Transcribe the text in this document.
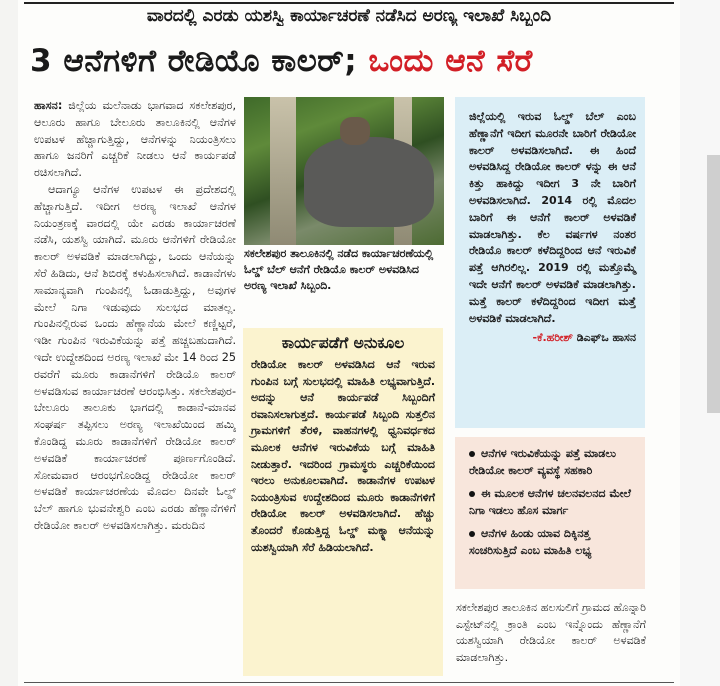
ವಾರದಲ್ಲಿ ಎರಡು ಯಶಸ್ವಿ ಕಾರ್ಯಾಚರಣೆ ನಡೆಸಿದ ಅರಣ್ಯ ಇಲಾಖೆ ಸಿಬ್ಬಂದಿ
3 ಆನೆಗಳಿಗೆ ರೇಡಿಯೊ ಕಾಲರ್; ಒಂದು ಆನೆ ಸೆರೆ

ಹಾಸನ: ಜಿಲ್ಲೆಯ ಮಲೆನಾಡು ಭಾಗವಾದ ಸಕಲೇಶಪುರ, ಆಲೂರು ಹಾಗೂ ಬೇಲೂರು ತಾಲೂಕಿನಲ್ಲಿ ಆನೆಗಳ ಉಪಟಳ ಹೆಚ್ಚಾಗುತ್ತಿದ್ದು, ಆನೆಗಳನ್ನು ನಿಯಂತ್ರಿಸಲು ಹಾಗೂ ಜನರಿಗೆ ಎಚ್ಚರಿಕೆ ನೀಡಲು ಆನೆ ಕಾರ್ಯಪಡೆ ರಚಿಸಲಾಗಿದೆ.

ಆದಾಗ್ಯೂ ಆನೆಗಳ ಉಪಟಳ ಈ ಪ್ರದೇಶದಲ್ಲಿ ಹೆಚ್ಚಾಗುತ್ತಿದೆ. ಇದೀಗ ಅರಣ್ಯ ಇಲಾಖೆ ಆನೆಗಳ ನಿಯಂತ್ರಣಕ್ಕೆ ವಾರದಲ್ಲಿ ಯೇ ಎರಡು ಕಾರ್ಯಾಚರಣೆ ನಡೆಸಿ, ಯಶಸ್ವಿ ಯಾಗಿದೆ. ಮೂರು ಆನೆಗಳಿಗೆ ರೇಡಿಯೋ ಕಾಲರ್ ಅಳವಡಿಕೆ ಮಾಡಲಾಗಿದ್ದು, ಒಂದು ಆನೆಯನ್ನು ಸೆರೆ ಹಿಡಿದು, ಆನೆ ಶಿಬಿರಕ್ಕೆ ಕಳುಹಿಸಲಾಗಿದೆ. ಕಾಡಾನೆಗಳು ಸಾಮಾನ್ಯವಾಗಿ ಗುಂಪಿನಲ್ಲಿ ಓಡಾಡುತ್ತಿದ್ದು, ಅವುಗಳ ಮೇಲೆ ನಿಗಾ ಇಡುವುದು ಸುಲಭದ ಮಾತಲ್ಲ. ಗುಂಪಿನಲ್ಲಿರುವ ಒಂದು ಹೆಣ್ಣಾನೆಯ ಮೇಲೆ ಕಣ್ಣಿಟ್ಟರೆ, ಇಡೀ ಗುಂಪಿನ ಇರುವಿಕೆಯನ್ನು ಪತ್ತೆ ಹಚ್ಚಬಹುದಾಗಿದೆ. ಇದೇ ಉದ್ದೇಶದಿಂದ ಅರಣ್ಯ ಇಲಾಖೆ ಮೇ 14 ರಿಂದ 25 ರವರೆಗೆ ಮೂರು ಕಾಡಾನೆಗಳಿಗೆ ರೇಡಿಯೊ ಕಾಲರ್ ಅಳವಡಿಸುವ ಕಾರ್ಯಾಚರಣೆ ಆರಂಭಿಸಿತ್ತು. ಸಕಲೇಶಪುರ-ಬೇಲೂರು ತಾಲೂಕು ಭಾಗದಲ್ಲಿ ಕಾಡಾನೆ-ಮಾನವ ಸಂಘರ್ಷ ತಪ್ಪಿಸಲು ಅರಣ್ಯ ಇಲಾಖೆಯಿಂದ ಹಮ್ಮಿ ಕೊಂಡಿದ್ದ ಮೂರು ಕಾಡಾನೆಗಳಿಗೆ ರೇಡಿಯೋ ಕಾಲರ್ ಅಳವಡಿಕೆ ಕಾರ್ಯಾಚರಣೆ ಪೂರ್ಣಗೊಂಡಿದೆ. ಸೋಮವಾರ ಆರಂಭಗೊಂಡಿದ್ದ ರೇಡಿಯೋ ಕಾಲರ್ ಅಳವಡಿಕೆ ಕಾರ್ಯಾಚರಣೆಯ ಮೊದಲ ದಿನವೇ ಓಲ್ಡ್ ಬೆಲ್ ಹಾಗೂ ಭುವನೇಶ್ವರಿ ಎಂಬ ಎರಡು ಹೆಣ್ಣಾನೆಗಳಿಗೆ ರೇಡಿಯೋ ಕಾಲರ್ ಅಳವಡಿಸಲಾಗಿತ್ತು. ಮರುದಿನ

ಸಕಲೇಶಪುರ ತಾಲೂಕಿನಲ್ಲಿ ನಡೆದ ಕಾರ್ಯಾಚರಣೆಯಲ್ಲಿ ಓಲ್ಡ್ ಬೆಲ್ ಆನೆಗೆ ರೇಡಿಯೊ ಕಾಲರ್ ಅಳವಡಿಸಿದ ಅರಣ್ಯ ಇಲಾಖೆ ಸಿಬ್ಬಂದಿ.
ಕಾರ್ಯಪಡೆಗೆ ಅನುಕೂಲ
ರೇಡಿಯೋ ಕಾಲರ್ ಅಳವಡಿಸಿದ ಆನೆ ಇರುವ ಗುಂಪಿನ ಬಗ್ಗೆ ಸುಲಭದಲ್ಲಿ ಮಾಹಿತಿ ಲಭ್ಯವಾಗುತ್ತಿದೆ. ಅದನ್ನು ಆನೆ ಕಾರ್ಯಪಡೆ ಸಿಬ್ಬಂದಿಗೆ ರವಾನಿಸಲಾಗುತ್ತದೆ. ಕಾರ್ಯಪಡೆ ಸಿಬ್ಬಂದಿ ಸುತ್ತಲಿನ ಗ್ರಾಮಗಳಿಗೆ ತೆರಳಿ, ವಾಹನಗಳಲ್ಲಿ ಧ್ವನಿವರ್ಧಕದ ಮೂಲಕ ಆನೆಗಳ ಇರುವಿಕೆಯ ಬಗ್ಗೆ ಮಾಹಿತಿ ನೀಡುತ್ತಾರೆ. ಇದರಿಂದ ಗ್ರಾಮಸ್ಥರು ಎಚ್ಚರಿಕೆಯಿಂದ ಇರಲು ಅನುಕೂಲವಾಗಿದೆ. ಕಾಡಾನೆಗಳ ಉಪಟಳ ನಿಯಂತ್ರಿಸುವ ಉದ್ದೇಶದಿಂದ ಮೂರು ಕಾಡಾನೆಗಳಿಗೆ ರೇಡಿಯೋ ಕಾಲರ್ ಅಳವಡಿಸಲಾಗಿದೆ. ಹೆಚ್ಚು ತೊಂದರೆ ಕೊಡುತ್ತಿದ್ದ ಓಲ್ಡ್ ಮಕ್ಕ್ನಾ ಆನೆಯನ್ನು ಯಶಸ್ವಿಯಾಗಿ ಸೆರೆ ಹಿಡಿಯಲಾಗಿದೆ.
ಜಿಲ್ಲೆಯಲ್ಲಿ ಇರುವ ಓಲ್ಡ್ ಬೆಲ್ ಎಂಬ ಹೆಣ್ಣಾನೆಗೆ ಇದೀಗ ಮೂರನೇ ಬಾರಿಗೆ ರೇಡಿಯೋ ಕಾಲರ್ ಅಳವಡಿಸಲಾಗಿದೆ. ಈ ಹಿಂದೆ ಅಳವಡಿಸಿದ್ದ ರೇಡಿಯೋ ಕಾಲರ್ ಳನ್ನು ಈ ಆನೆ ಕಿತ್ತು ಹಾಕಿದ್ದು ಇದೀಗ 3 ನೇ ಬಾರಿಗೆ ಅಳವಡಿಸಲಾಗಿದೆ. 2014 ರಲ್ಲಿ ಮೊದಲ ಬಾರಿಗೆ ಈ ಆನೆಗೆ ಕಾಲರ್ ಅಳವಡಿಕೆ ಮಾಡಲಾಗಿತ್ತು. ಕೆಲ ವರ್ಷಗಳ ನಂತರ ರೇಡಿಯೊ ಕಾಲರ್ ಕಳೆದಿದ್ದರಿಂದ ಆನೆ ಇರುವಿಕೆ ಪತ್ತೆ ಆಗಿರಲಿಲ್ಲ. 2019 ರಲ್ಲಿ ಮತ್ತೊಮ್ಮೆ ಇದೇ ಆನೆಗೆ ಕಾಲರ್ ಅಳವಡಿಕೆ ಮಾಡಲಾಗಿತ್ತು. ಮತ್ತೆ ಕಾಲರ್ ಕಳೆದಿದ್ದರಿಂದ ಇದೀಗ ಮತ್ತೆ ಅಳವಡಿಕೆ ಮಾಡಲಾಗಿದೆ.
-ಕೆ.ಹರೀಶ್ ಡಿಎಫ್ಒ ಹಾಸನ
ಆನೆಗಳ ಇರುವಿಕೆಯನ್ನು ಪತ್ತೆ ಮಾಡಲು ರೇಡಿಯೋ ಕಾಲರ್ ವ್ಯವಸ್ಥೆ ಸಹಕಾರಿ
ಈ ಮೂಲಕ ಆನೆಗಳ ಚಲನವಲನದ ಮೇಲೆ ನಿಗಾ ಇಡಲು ಹೊಸ ಮಾರ್ಗ
ಆನೆಗಳ ಹಿಂಡು ಯಾವ ದಿಕ್ಕಿನತ್ತ ಸಂಚರಿಸುತ್ತಿದೆ ಎಂಬ ಮಾಹಿತಿ ಲಭ್ಯ
ಸಕಲೇಶಪುರ ತಾಲೂಕಿನ ಹಲಸುಲಿಗೆ ಗ್ರಾಮದ ಹೊನ್ನಾರಿ ಎಸ್ಟೇಟ್‌ನಲ್ಲಿ ಕ್ರಾಂತಿ ಎಂಬ ಇನ್ನೊಂದು ಹೆಣ್ಣಾನೆಗೆ ಯಶಸ್ವಿಯಾಗಿ ರೇಡಿಯೋ ಕಾಲರ್ ಅಳವಡಿಕೆ ಮಾಡಲಾಗಿತ್ತು.
